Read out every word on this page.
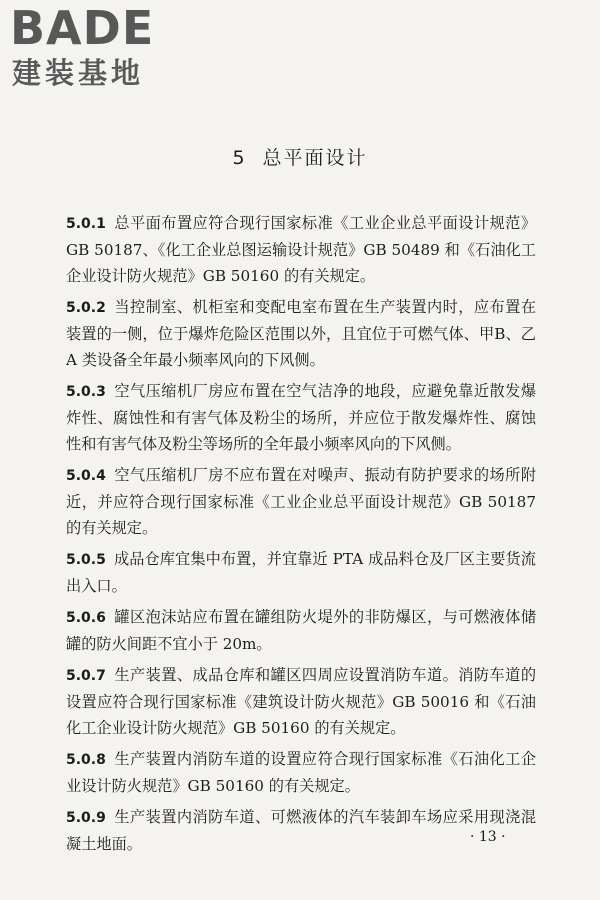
BADE
建装基地
5 总平面设计

5.0.1 总平面布置应符合现行国家标准《工业企业总平面设计规范》GB 50187、《化工企业总图运输设计规范》GB 50489 和《石油化工企业设计防火规范》GB 50160 的有关规定。

5.0.2 当控制室、机柜室和变配电室布置在生产装置内时，应布置在装置的一侧，位于爆炸危险区范围以外，且宜位于可燃气体、甲B、乙A 类设备全年最小频率风向的下风侧。

5.0.3 空气压缩机厂房应布置在空气洁净的地段，应避免靠近散发爆炸性、腐蚀性和有害气体及粉尘的场所，并应位于散发爆炸性、腐蚀性和有害气体及粉尘等场所的全年最小频率风向的下风侧。

5.0.4 空气压缩机厂房不应布置在对噪声、振动有防护要求的场所附近，并应符合现行国家标准《工业企业总平面设计规范》GB 50187 的有关规定。

5.0.5 成品仓库宜集中布置，并宜靠近 PTA 成品料仓及厂区主要货流出入口。

5.0.6 罐区泡沫站应布置在罐组防火堤外的非防爆区，与可燃液体储罐的防火间距不宜小于 20m。

5.0.7 生产装置、成品仓库和罐区四周应设置消防车道。消防车道的设置应符合现行国家标准《建筑设计防火规范》GB 50016 和《石油化工企业设计防火规范》GB 50160 的有关规定。

5.0.8 生产装置内消防车道的设置应符合现行国家标准《石油化工企业设计防火规范》GB 50160 的有关规定。

5.0.9 生产装置内消防车道、可燃液体的汽车装卸车场应采用现浇混凝土地面。	· 13 ·
